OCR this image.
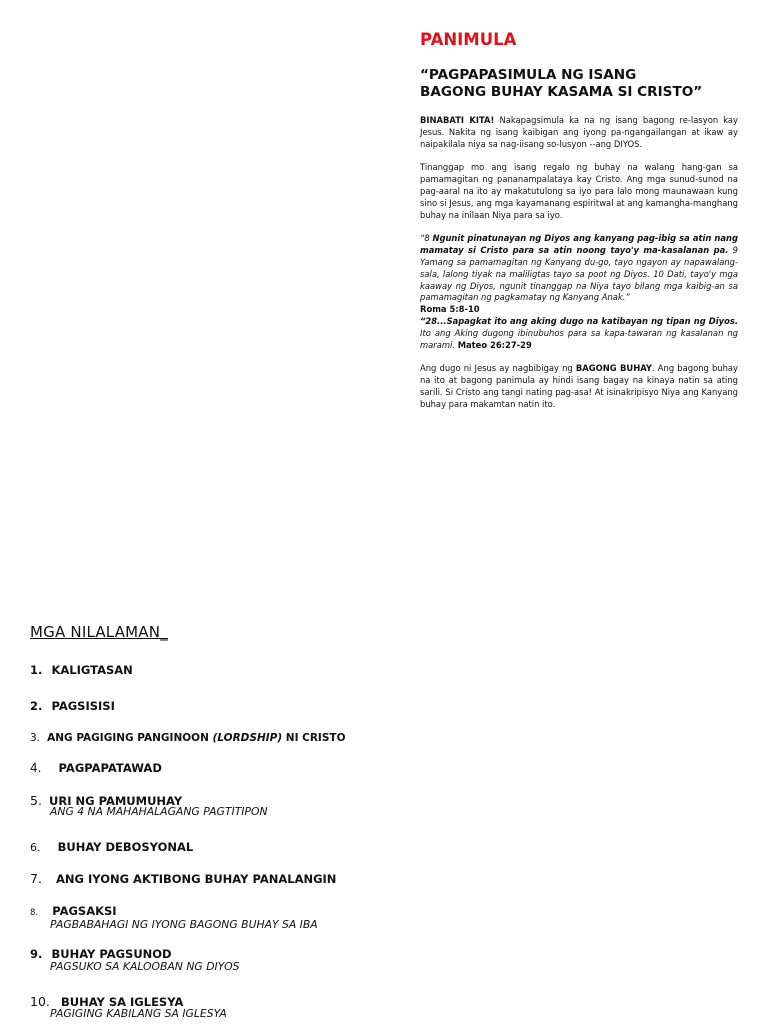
PANIMULA

“PAGPAPASIMULA NG ISANG
BAGONG BUHAY KASAMA SI CRISTO”

BINABATI KITA! Nakapagsimula ka na ng isang bagong re-lasyon kay Jesus. Nakita ng isang kaibigan ang iyong pa-ngangailangan at ikaw ay naipakilala niya sa nag-iisang so-lusyon --ang DIYOS.

Tinanggap mo ang isang regalo ng buhay na walang hang-gan sa pamamagitan ng pananampalataya kay Cristo. Ang mga sunud-sunod na pag-aaral na ito ay makatutulong sa iyo para lalo mong maunawaan kung sino si Jesus, ang mga kayamanang espiritwal at ang kamangha-manghang buhay na inilaan Niya para sa iyo.

“8 Ngunit pinatunayan ng Diyos ang kanyang pag-ibig sa atin nang mamatay si Cristo para sa atin noong tayo'y ma-kasalanan pa. 9 Yamang sa pamamagitan ng Kanyang du-go, tayo ngayon ay napawalang-sala, lalong tiyak na maliligtas tayo sa poot ng Diyos. 10 Dati, tayo'y mga kaaway ng Diyos, ngunit tinanggap na Niya tayo bilang mga kaibig-an sa pamamagitan ng pagkamatay ng Kanyang Anak.”
Roma 5:8-10

“28...Sapagkat ito ang aking dugo na katibayan ng tipan ng Diyos. Ito ang Aking dugong ibinubuhos para sa kapa-tawaran ng kasalanan ng marami. Mateo 26:27-29

Ang dugo ni Jesus ay nagbibigay ng BAGONG BUHAY. Ang bagong buhay na ito at bagong panimula ay hindi isang bagay na kinaya natin sa ating sarili. Si Cristo ang tangi nating pag-asa! At isinakripisyo Niya ang Kanyang buhay para makamtan natin ito.

MGA NILALAMAN_

1. KALIGTASAN
2. PAGSISISI
3. ANG PAGIGING PANGINOON (LORDSHIP) NI CRISTO
4. PAGPAPATAWAD
5. URI NG PAMUMUHAY
ANG 4 NA MAHAHALAGANG PAGTITIPON
6. BUHAY DEBOSYONAL
7. ANG IYONG AKTIBONG BUHAY PANALANGIN
8. PAGSAKSI
PAGBABAHAGI NG IYONG BAGONG BUHAY SA IBA
9. BUHAY PAGSUNOD
PAGSUKO SA KALOOBAN NG DIYOS
10. BUHAY SA IGLESYA
PAGIGING KABILANG SA IGLESYA
